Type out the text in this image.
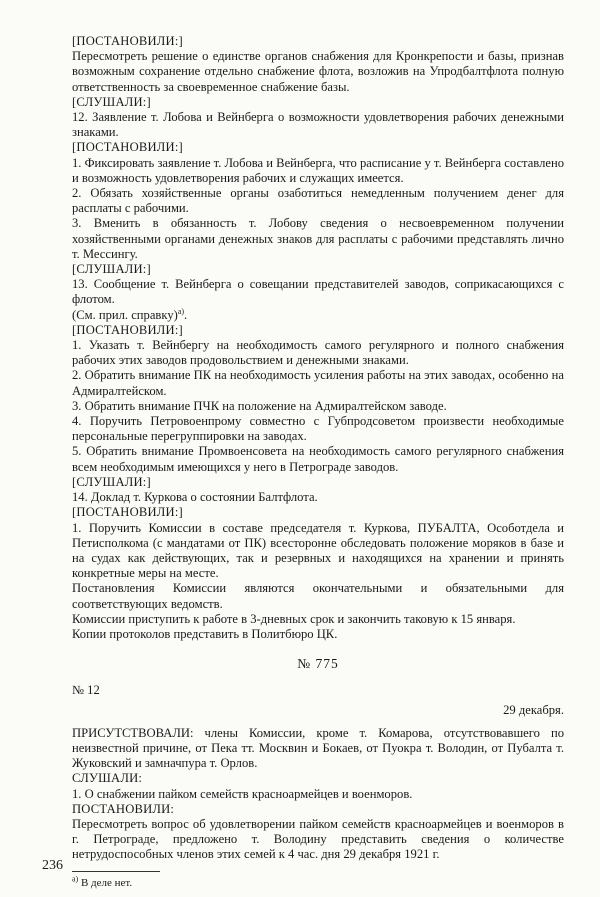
[ПОСТАНОВИЛИ:]

Пересмотреть решение о единстве органов снабжения для Кронкрепости и базы, признав возможным сохранение отдельно снабжение флота, возложив на Упродбалтфлота полную ответственность за своевременное снабжение базы.

[СЛУШАЛИ:]

12. Заявление т. Лобова и Вейнберга о возможности удовлетворения рабочих денежными знаками.

[ПОСТАНОВИЛИ:]

1. Фиксировать заявление т. Лобова и Вейнберга, что расписание у т. Вейнберга составлено и возможность удовлетворения рабочих и служащих имеется.

2. Обязать хозяйственные органы озаботиться немедленным получением денег для расплаты с рабочими.

3. Вменить в обязанность т. Лобову сведения о несвоевременном получении хозяйственными органами денежных знаков для расплаты с рабочими представлять лично т. Мессингу.

[СЛУШАЛИ:]

13. Сообщение т. Вейнберга о совещании представителей заводов, соприкасающихся с флотом.

(См. прил. справку)$^{а)}$.

[ПОСТАНОВИЛИ:]

1. Указать т. Вейнбергу на необходимость самого регулярного и полного снабжения рабочих этих заводов продовольствием и денежными знаками.

2. Обратить внимание ПК на необходимость усиления работы на этих заводах, особенно на Адмиралтейском.

3. Обратить внимание ПЧК на положение на Адмиралтейском заводе.

4. Поручить Петровоенпрому совместно с Губпродсоветом произвести необходимые персональные перегруппировки на заводах.

5. Обратить внимание Промвоенсовета на необходимость самого регулярного снабжения всем необходимым имеющихся у него в Петрограде заводов.

[СЛУШАЛИ:]

14. Доклад т. Куркова о состоянии Балтфлота.

[ПОСТАНОВИЛИ:]

1. Поручить Комиссии в составе председателя т. Куркова, ПУБАЛТА, Особотдела и Петисполкома (с мандатами от ПК) всесторонне обследовать положение моряков в базе и на судах как действующих, так и резервных и находящихся на хранении и принять конкретные меры на месте.

Постановления Комиссии являются окончательными и обязательными для соответствующих ведомств.

Комиссии приступить к работе в 3-дневных срок и закончить таковую к 15 января.

Копии протоколов представить в Политбюро ЦК.

№ 775

№ 12

29 декабря.

ПРИСУТСТВОВАЛИ: члены Комиссии, кроме т. Комарова, отсутствовавшего по неизвестной причине, от Пека тт. Москвин и Бокаев, от Пуокра т. Володин, от Пубалта т. Жуковский и замначпура т. Орлов.

СЛУШАЛИ:

1. О снабжении пайком семейств красноармейцев и военморов.

ПОСТАНОВИЛИ:

Пересмотреть вопрос об удовлетворении пайком семейств красноармейцев и военморов в г. Петрограде, предложено т. Володину представить сведения о количестве нетрудоспособных членов этих семей к 4 час. дня 29 декабря 1921 г.

$^{а)}$ В деле нет.

236
